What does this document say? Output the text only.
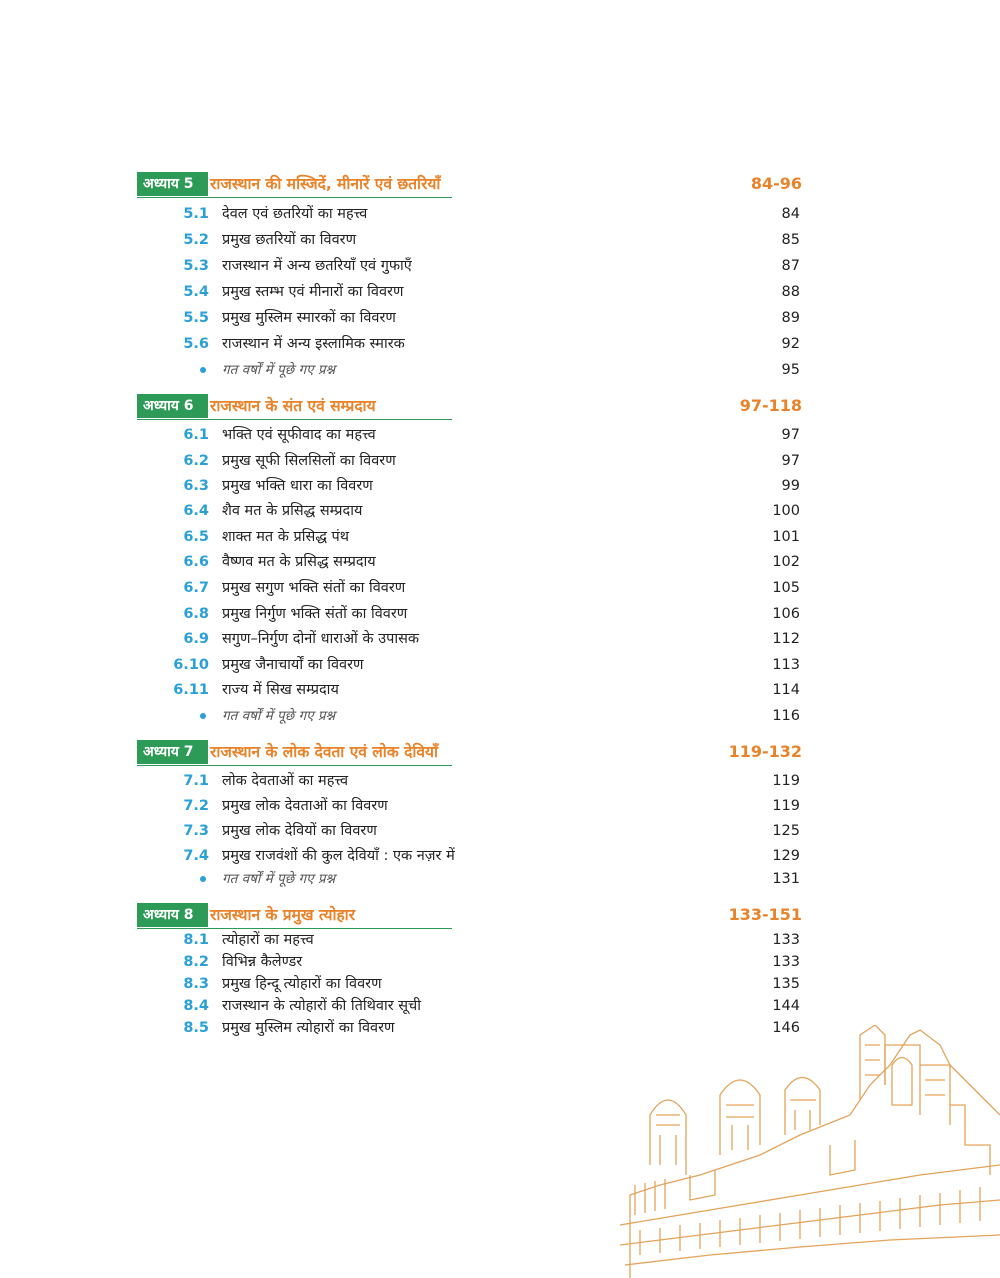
अध्याय 5	राजस्थान की मस्जिदें, मीनारें एवं छतरियाँ	84-96
5.1 देवल एवं छतरियों का महत्त्व	84
5.2 प्रमुख छतरियों का विवरण	85
5.3 राजस्थान में अन्य छतरियाँ एवं गुफाएँ	87
5.4 प्रमुख स्तम्भ एवं मीनारों का विवरण	88
5.5 प्रमुख मुस्लिम स्मारकों का विवरण	89
5.6 राजस्थान में अन्य इस्लामिक स्मारक	92
गत वर्षों में पूछे गए प्रश्न	95
अध्याय 6	राजस्थान के संत एवं सम्प्रदाय	97-118
6.1 भक्ति एवं सूफीवाद का महत्त्व	97
6.2 प्रमुख सूफी सिलसिलों का विवरण	97
6.3 प्रमुख भक्ति धारा का विवरण	99
6.4 शैव मत के प्रसिद्ध सम्प्रदाय	100
6.5 शाक्त मत के प्रसिद्ध पंथ	101
6.6 वैष्णव मत के प्रसिद्ध सम्प्रदाय	102
6.7 प्रमुख सगुण भक्ति संतों का विवरण	105
6.8 प्रमुख निर्गुण भक्ति संतों का विवरण	106
6.9 सगुण–निर्गुण दोनों धाराओं के उपासक	112
6.10 प्रमुख जैनाचार्यों का विवरण	113
6.11 राज्य में सिख सम्प्रदाय	114
गत वर्षों में पूछे गए प्रश्न	116
अध्याय 7	राजस्थान के लोक देवता एवं लोक देवियाँ	119-132
7.1 लोक देवताओं का महत्त्व	119
7.2 प्रमुख लोक देवताओं का विवरण	119
7.3 प्रमुख लोक देवियों का विवरण	125
7.4 प्रमुख राजवंशों की कुल देवियाँ : एक नज़र में	129
गत वर्षों में पूछे गए प्रश्न	131
अध्याय 8	राजस्थान के प्रमुख त्योहार	133-151
8.1 त्योहारों का महत्त्व	133
8.2 विभिन्न कैलेण्डर	133
8.3 प्रमुख हिन्दू त्योहारों का विवरण	135
8.4 राजस्थान के त्योहारों की तिथिवार सूची	144
8.5 प्रमुख मुस्लिम त्योहारों का विवरण	146
